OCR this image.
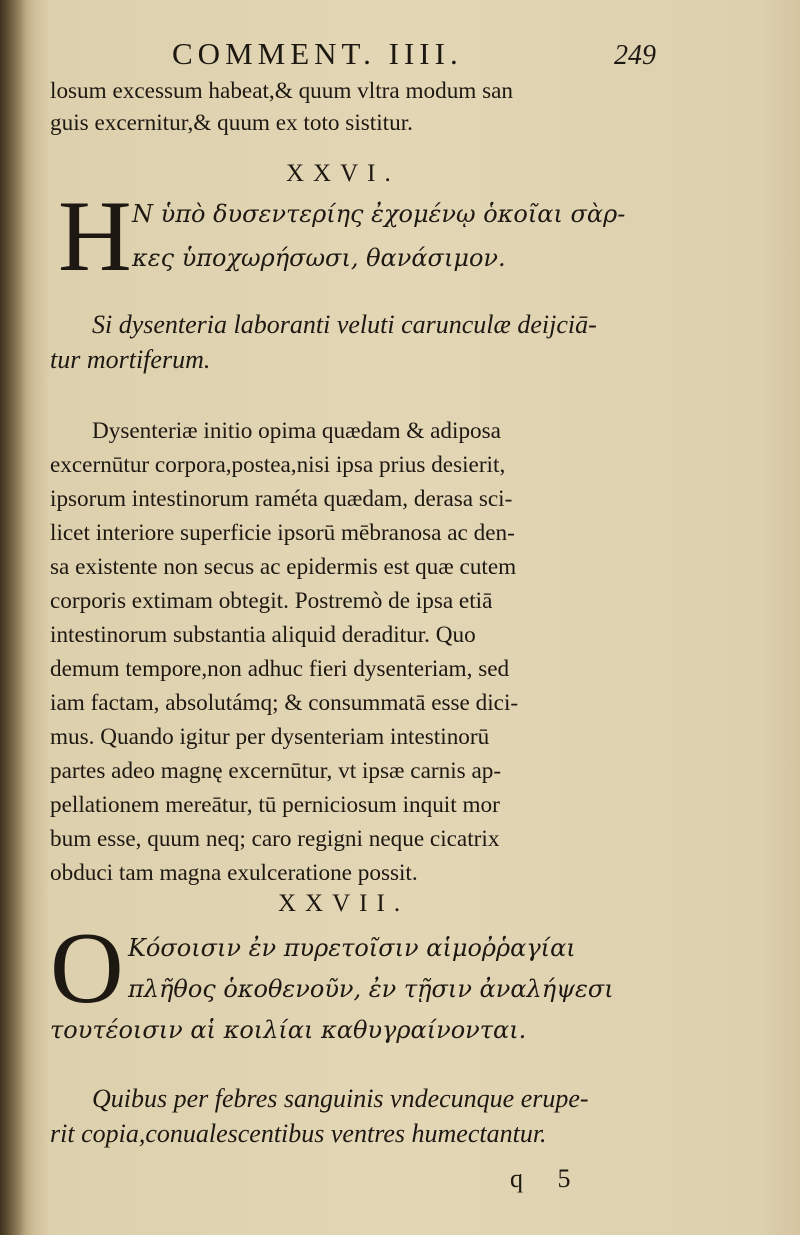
COMMENT. IIII.	249
losum excessum habeat,& quum vltra modum san
guis excernitur,& quum ex toto sistitur.
XXVI.
H N ὑπὸ δυσεντερίης ἐχομένῳ ὁκοῖαι σὰρ-
κες ὑποχωρήσωσι, θανάσιμον.
Si dysenteria laboranti veluti carunculæ deijciā-
tur mortiferum.
Dysenteriæ initio opima quædam & adiposa
excernūtur corpora,postea,nisi ipsa prius desierit,
ipsorum intestinorum raméta quædam, derasa sci-
licet interiore superficie ipsorū mēbranosa ac den-
sa existente non secus ac epidermis est quæ cutem
corporis extimam obtegit. Postremò de ipsa etiā
intestinorum substantia aliquid deraditur. Quo
demum tempore,non adhuc fieri dysenteriam, sed
iam factam, absolutámq; & consummatā esse dici-
mus. Quando igitur per dysenteriam intestinorū
partes adeo magnę excernūtur, vt ipsæ carnis ap-
pellationem mereātur, tū perniciosum inquit mor
bum esse, quum neq; carο regigni neque cicatrix
obduci tam magna exulceratione possit.
XXVII.
O Κόσοισιν ἐν πυρετοῖσιν αἱμοῤῥαγίαι
πλῆθος ὁκοθενοῦν, ἐν τῇσιν ἀναλήψεσι
τουτέοισιν αἱ κοιλίαι καθυγραίνονται.
Quibus per febres sanguinis vndecunque erupe-
rit copia,conualescentibus ventres humectantur.
q 5
